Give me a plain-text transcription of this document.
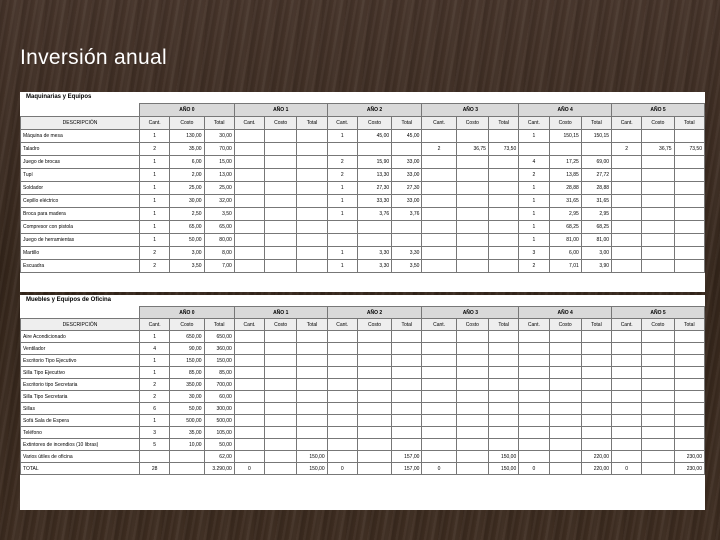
Inversión anual
Maquinarias y Equipos
	AÑO 0			AÑO 1			AÑO 2			AÑO 3			AÑO 4			AÑO 5		
DESCRIPCIÓN	Cant.	Costo	Total	Cant.	Costo	Total	Cant.	Costo	Total	Cant.	Costo	Total	Cant.	Costo	Total	Cant.	Costo	Total
Máquina de mesa	1	130,00	30,00				1	45,00	45,00				1	150,15	150,15			
Taladro	2	35,00	70,00							2	36,75	73,50				2	36,75	73,50
Juego de brocas	1	6,00	15,00				2	15,90	33,00				4	17,25	69,00			
Tupí	1	2,00	13,00				2	13,30	33,00				2	13,85	27,72			
Soldador	1	25,00	25,00				1	27,30	27,30				1	28,88	28,88			
Cepillo eléctrico	1	30,00	32,00				1	33,30	33,00				1	31,65	31,65			
Broca para madera	1	2,50	3,50				1	3,76	3,76				1	2,95	2,95			
Compresor con pistola	1	65,00	65,00										1	68,25	68,25			
Juego de herramientas	1	50,00	80,00										1	81,00	81,00			
Martillo	2	3,00	8,00				1	3,30	3,30				3	6,00	3,00			
Escuadra	2	3,50	7,00				1	3,30	3,50				2	7,01	3,90			
Muebles y Equipos de Oficina
	AÑO 0			AÑO 1			AÑO 2			AÑO 3			AÑO 4			AÑO 5		
DESCRIPCIÓN	Cant.	Costo	Total	Cant.	Costo	Total	Cant.	Costo	Total	Cant.	Costo	Total	Cant.	Costo	Total	Cant.	Costo	Total
Aire Acondicionado	1	650,00	650,00															
Ventilador	4	90,00	360,00															
Escritorio Tipo Ejecutivo	1	150,00	150,00															
Silla Tipo Ejecutivo	1	85,00	85,00															
Escritorio tipo Secretaria	2	350,00	700,00															
Silla Tipo Secretaria	2	30,00	60,00															
Sillas	6	50,00	300,00															
Sofá Sala de Espera	1	500,00	500,00															
Teléfono	3	35,00	105,00															
Extintores de incendios (10 libras)	5	10,00	50,00															
Varios útiles de oficina			62,00			150,00			157,00			150,00			220,00			230,00
TOTAL	28		3.290,00	0		150,00	0		157,00	0		150,00	0		220,00	0		230,00
